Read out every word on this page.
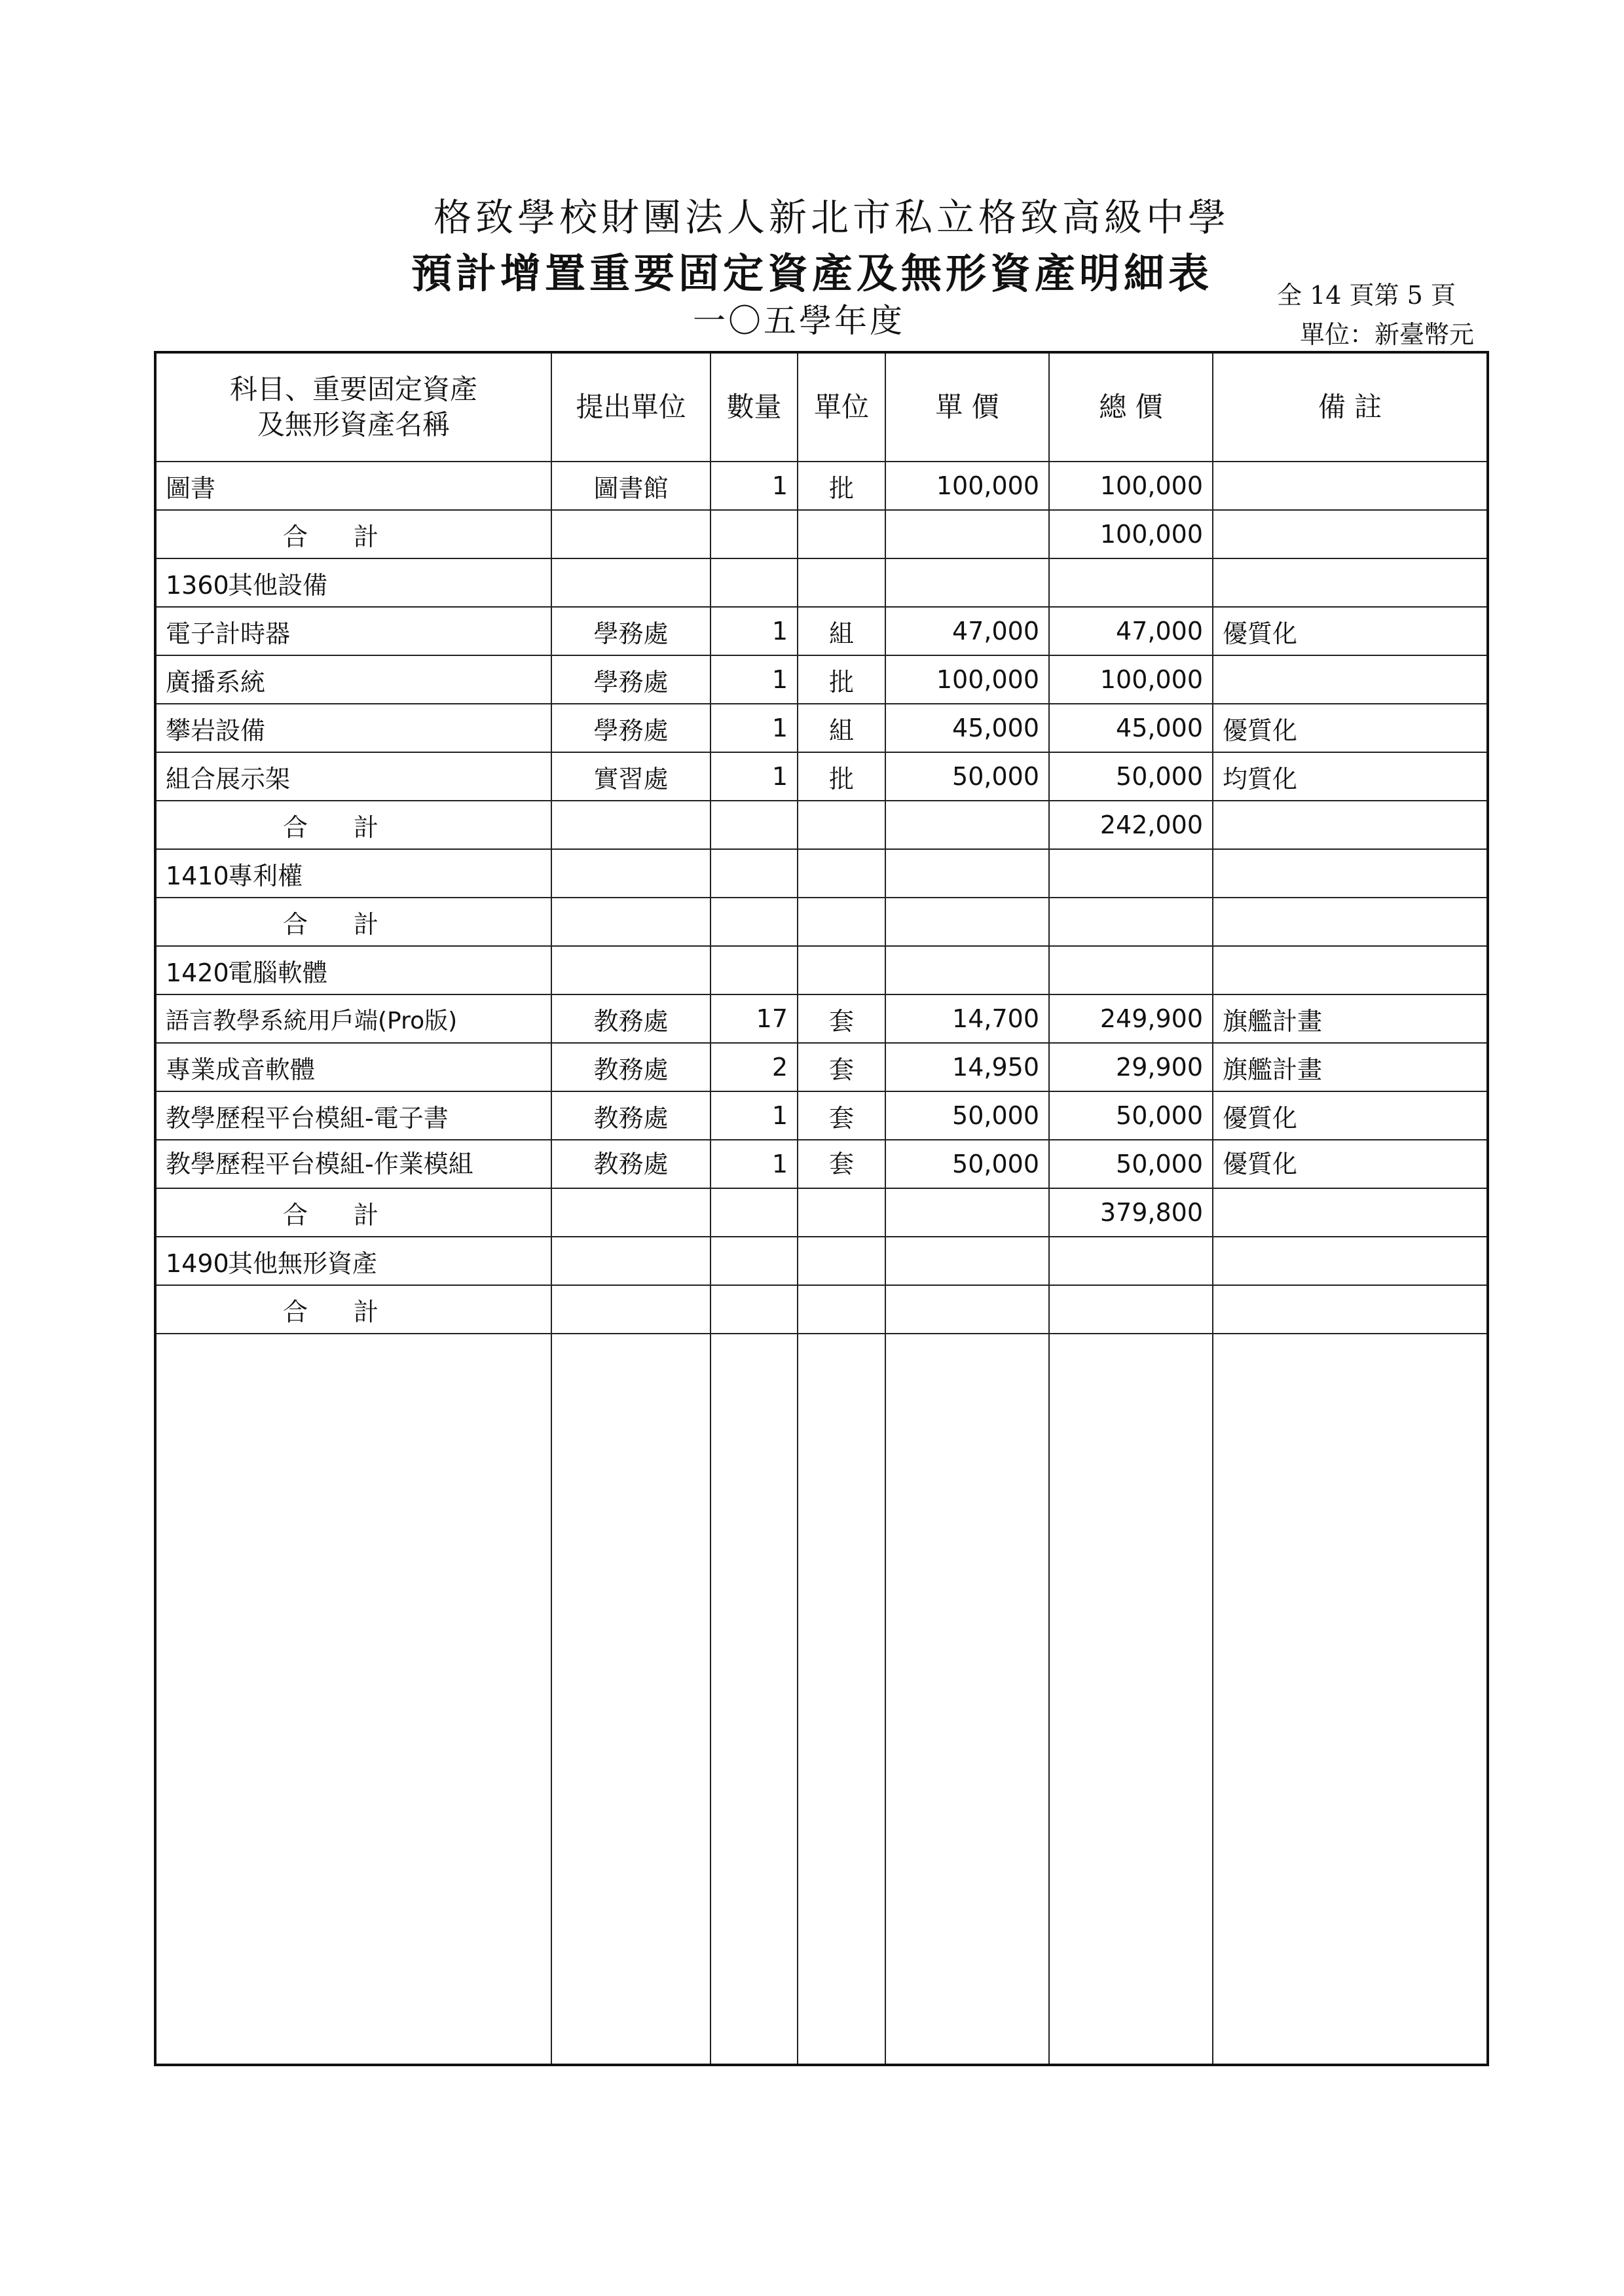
格致學校財團法人新北市私立格致高級中學
預計增置重要固定資產及無形資產明細表
一〇五學年度
全 14 頁第 5 頁
單位：新臺幣元
科目、重要固定資產
及無形資產名稱	提出單位	數量	單位	單 價	總 價	備 註
圖書	圖書館	1	批	100,000	100,000	
合計					100,000	
1360其他設備						
電子計時器	學務處	1	組	47,000	47,000	優質化
廣播系統	學務處	1	批	100,000	100,000	
攀岩設備	學務處	1	組	45,000	45,000	優質化
組合展示架	實習處	1	批	50,000	50,000	均質化
合計					242,000	
1410專利權						
合計						
1420電腦軟體						
語言教學系統用戶端(Pro版)	教務處	17	套	14,700	249,900	旗艦計畫
專業成音軟體	教務處	2	套	14,950	29,900	旗艦計畫
教學歷程平台模組-電子書	教務處	1	套	50,000	50,000	優質化
教學歷程平台模組-作業模組	教務處	1	套	50,000	50,000	優質化
合計					379,800	
1490其他無形資產						
合計						
